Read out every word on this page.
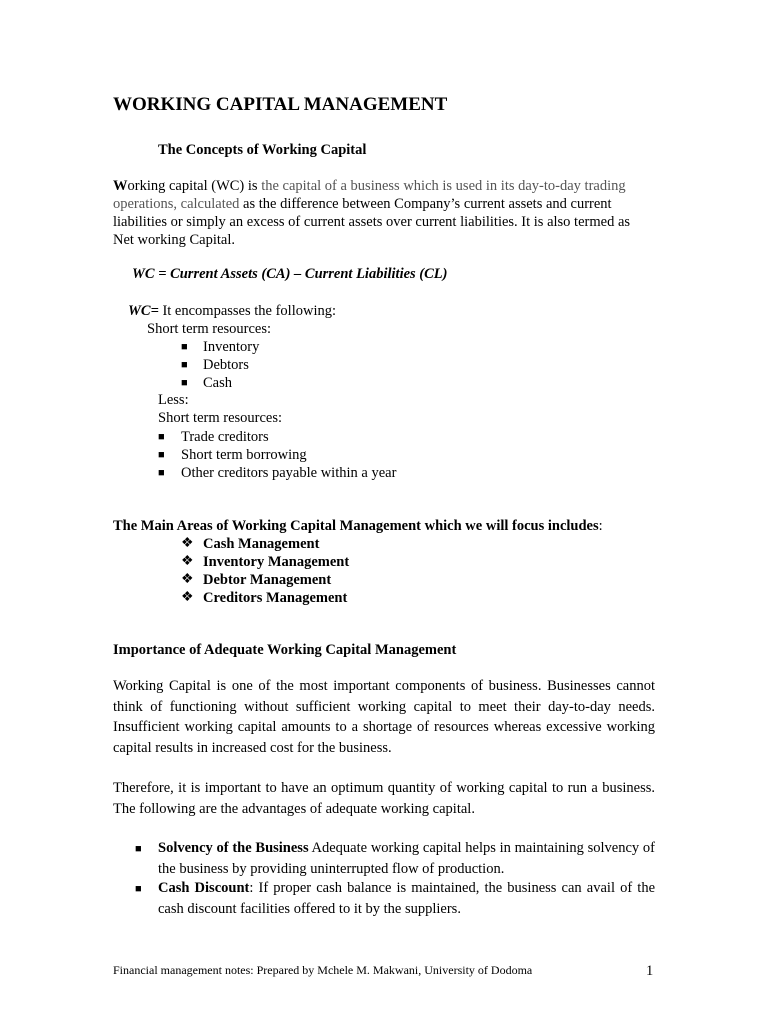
WORKING CAPITAL MANAGEMENT
The Concepts of Working Capital
Working capital (WC) is the capital of a business which is used in its day-to-day trading
operations, calculated as the difference between Company’s current assets and current
liabilities or simply an excess of current assets over current liabilities. It is also termed as
Net working Capital.
WC = Current Assets (CA) – Current Liabilities (CL)
WC= It encompasses the following:
Short term resources:
■ Inventory
■ Debtors
■ Cash
Less:
Short term resources:
■ Trade creditors
■ Short term borrowing
■ Other creditors payable within a year
The Main Areas of Working Capital Management which we will focus includes:
❖ Cash Management
❖ Inventory Management
❖ Debtor Management
❖ Creditors Management
Importance of Adequate Working Capital Management
Working Capital is one of the most important components of business. Businesses cannot think of functioning without sufficient working capital to meet their day-to-day needs. Insufficient working capital amounts to a shortage of resources whereas excessive working capital results in increased cost for the business.
Therefore, it is important to have an optimum quantity of working capital to run a business. The following are the advantages of adequate working capital.
■ Solvency of the Business Adequate working capital helps in maintaining solvency of the business by providing uninterrupted flow of production.
■ Cash Discount: If proper cash balance is maintained, the business can avail of the cash discount facilities offered to it by the suppliers.
Financial management notes: Prepared by Mchele M. Makwani, University of Dodoma	1
